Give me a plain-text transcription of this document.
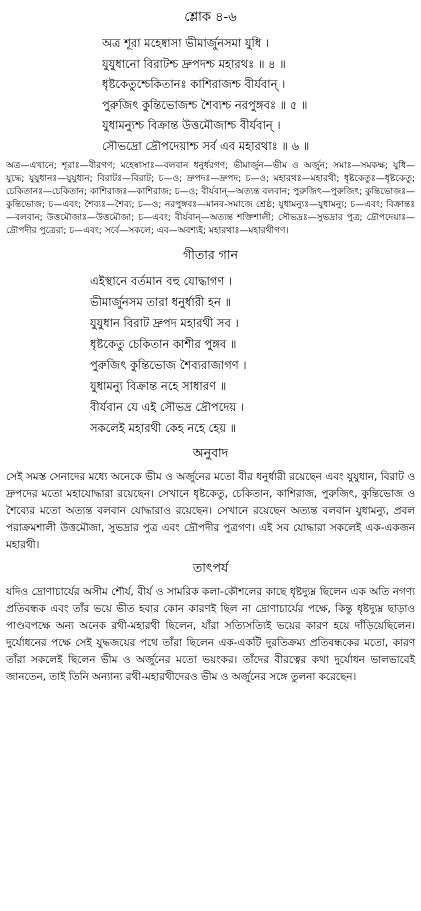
শ্লোক ৪-৬
অত্র শূরা মহেষ্বাসা ভীমার্জুনসমা যুধি ।
যুযুধানো বিরাটশ্চ দ্রুপদশ্চ মহারথঃ ॥ ৪ ॥
ধৃষ্টকেতুশ্চেকিতানঃ কাশিরাজশ্চ বীর্যবান্ ।
পুরুজিৎ কুন্তিভোজশ্চ শৈব্যশ্চ নরপুঙ্গবঃ ॥ ৫ ॥
যুধামন্যুশ্চ বিক্রান্ত উত্তমৌজাশ্চ বীর্যবান্ ।
সৌভদ্রো দ্রৌপদেয়াশ্চ সর্ব এব মহারথাঃ ॥ ৬ ॥

অত্র—এখানে; শূরাঃ—বীরগণ; মহেষ্বাসাঃ—বলবান ধনুর্ধরগণ; ভীমার্জুন—ভীম ও অর্জুন; সমাঃ—সমকক্ষ; যুধি—যুদ্ধে; যুযুধানঃ—যুযুধান; বিরাটঃ—বিরাট; চ—ও; দ্রুপদঃ—দ্রুপদ; চ—ও; মহারথঃ—মহারথী; ধৃষ্টকেতুঃ—ধৃষ্টকেতু; চেকিতানঃ—চেকিতান; কাশিরাজঃ—কাশিরাজ; চ—ও; বীর্যবান্—অত্যন্ত বলবান; পুরুজিৎ—পুরুজিৎ; কুন্তিভোজঃ—কুন্তিভোজ; চ—এবং; শৈব্যঃ—শৈব্য; চ—ও; নরপুঙ্গবঃ—মানব-সমাজে শ্রেষ্ঠ; যুধামন্যুঃ—যুধামন্যু; চ—এবং; বিক্রান্তঃ—বলবান; উত্তমৌজাঃ—উত্তমৌজা; চ—এবং; বীর্যবান্—অত্যন্ত শক্তিশালী; সৌভদ্রঃ—সুভদ্রার পুত্র; দ্রৌপদেয়াঃ—দ্রৌপদীর পুত্রেরা; চ—এবং; সর্বে—সকলে; এব—অবশ্যই; মহারথাঃ—মহারথীগণ।

গীতার গান
এইস্থানে বর্তমান বহু যোদ্ধাগণ ।
ভীমার্জুনসম তারা ধনুর্ধারী হন ॥
যুযুধান বিরাট দ্রুপদ মহারথী সব ।
ধৃষ্টকেতু চেকিতান কাশীর পুঙ্গব ॥
পুরুজিৎ কুন্তিভোজ শৈব্যরাজাগণ ।
যুধামন্যু বিক্রান্ত নহে সাধারণ ॥
বীর্যবান যে এই সৌভদ্র দ্রৌপদেয় ।
সকলেই মহারথী কেহ নহে হেয় ॥
অনুবাদ

সেই সমস্ত সেনাদের মধ্যে অনেকে ভীম ও অর্জুনের মতো বীর ধনুর্ধারী রয়েছেন এবং যুযুধান, বিরাট ও দ্রুপদের মতো মহাযোদ্ধারা রয়েছেন। সেখানে ধৃষ্টকেতু, চেকিতান, কাশিরাজ, পুরুজিৎ, কুন্তিভোজ ও শৈব্যের মতো অত্যন্ত বলবান যোদ্ধারাও রয়েছেন। সেখানে রয়েছেন অত্যন্ত বলবান যুধামন্যু, প্রবল পরাক্রমশালী উত্তমৌজা, সুভদ্রার পুত্র এবং দ্রৌপদীর পুত্রগণ। এই সব যোদ্ধারা সকলেই এক-একজন মহারথী।

তাৎপর্য

যদিও দ্রোণাচার্যের অসীম শৌর্য, বীর্য ও সামরিক কলা-কৌশলের কাছে ধৃষ্টদ্যুম্ন ছিলেন এক অতি নগণ্য প্রতিবন্ধক এবং তাঁর ভয়ে ভীত হবার কোন কারণই ছিল না দ্রোণাচার্যের পক্ষে, কিন্তু ধৃষ্টদ্যুম্ন ছাড়াও পাণ্ডবপক্ষে অন্য অনেক রথী-মহারথী ছিলেন, যাঁরা সত্যিসত্যিই ভয়ের কারণ হয়ে দাঁড়িয়েছিলেন। দুর্যোধনের পক্ষে সেই যুদ্ধজয়ের পথে তাঁরা ছিলেন এক-একটি দুরতিক্রম্য প্রতিবন্ধকের মতো, কারণ তাঁরা সকলেই ছিলেন ভীম ও অর্জুনের মতো ভয়ংকর। তাঁদের বীরত্বের কথা দুর্যোধন ভালভাবেই জানতেন, তাই তিনি অন্যান্য রথী-মহারথীদেরও ভীম ও অর্জুনের সঙ্গে তুলনা করেছেন।
